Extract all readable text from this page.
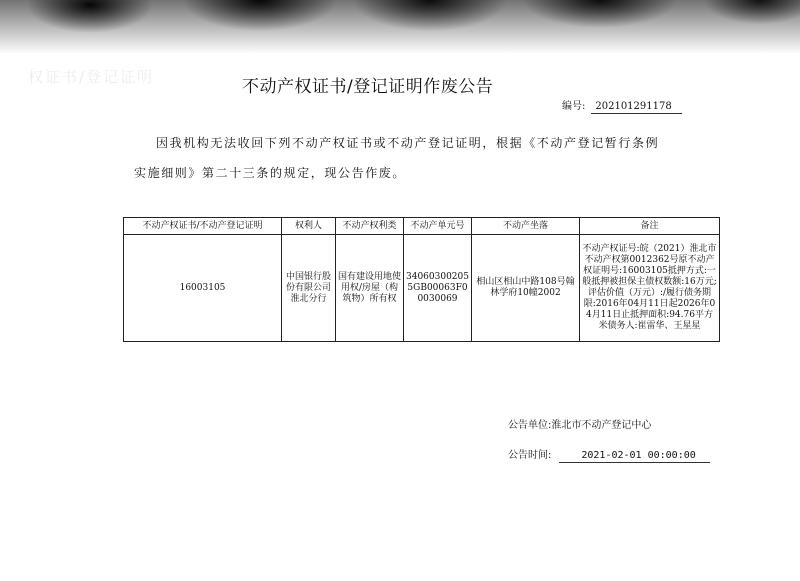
权证书/登记证明	不动产权证书/登记证明作废公告
编号: 202101291178
因我机构无法收回下列不动产权证书或不动产登记证明，根据《不动产登记暂行条例
实施细则》第二十三条的规定，现公告作废。
不动产权证书/不动产登记证明	权利人	不动产权利类	不动产单元号	不动产坐落	备注
16003105	中国银行股份有限公司淮北分行	国有建设用地使用权/房屋（构筑物）所有权	340603002055GB00063F00030069	相山区相山中路108号翰林学府10幢2002	不动产权证号:皖（2021）淮北市不动产权第0012362号原不动产权证明号:16003105抵押方式:一般抵押被担保主债权数额:16万元;评估价值（万元）:/履行债务期限:2016年04月11日起2026年04月11日止抵押面积:94.76平方米债务人:崔雷华、王星星
公告单位:淮北市不动产登记中心
公告时间:	2021-02-01 00:00:00
